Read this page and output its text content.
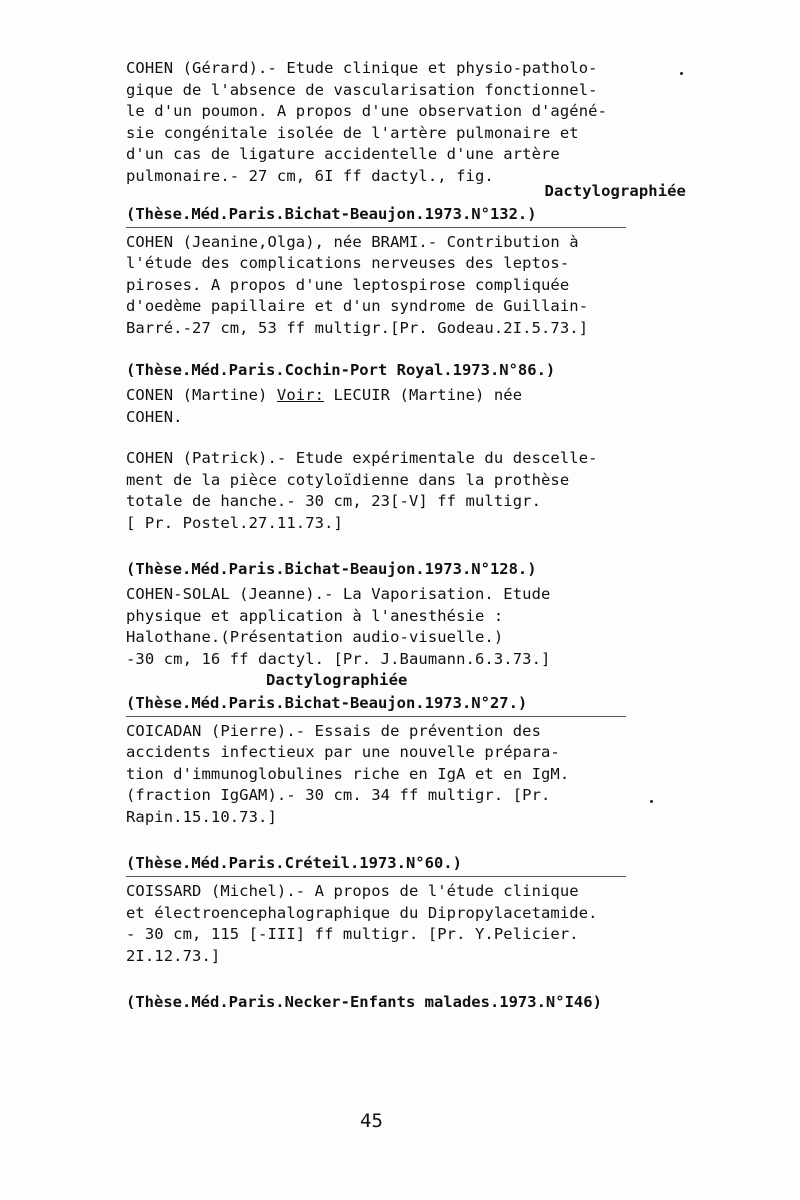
COHEN (Gérard).- Etude clinique et physio-patholo-
gique de l'absence de vascularisation fonctionnel-
le d'un poumon. A propos d'une observation d'agéné-
sie congénitale isolée de l'artère pulmonaire et
d'un cas de ligature accidentelle d'une artère
pulmonaire.- 27 cm, 6I ff dactyl., fig.
Dactylographiée
(Thèse.Méd.Paris.Bichat-Beaujon.1973.N°132.)
COHEN (Jeanine,Olga), née BRAMI.- Contribution à
l'étude des complications nerveuses des leptos-
piroses. A propos d'une leptospirose compliquée
d'oedème papillaire et d'un syndrome de Guillain-
Barré.-27 cm, 53 ff multigr.[Pr. Godeau.2I.5.73.]
(Thèse.Méd.Paris.Cochin-Port Royal.1973.N°86.)
CONEN (Martine) Voir: LECUIR (Martine) née
COHEN.
COHEN (Patrick).- Etude expérimentale du descelle-
ment de la pièce cotyloïdienne dans la prothèse
totale de hanche.- 30 cm, 23[-V] ff multigr.
[ Pr. Postel.27.11.73.]
(Thèse.Méd.Paris.Bichat-Beaujon.1973.N°128.)
COHEN-SOLAL (Jeanne).- La Vaporisation. Etude
physique et application à l'anesthésie :
Halothane.(Présentation audio-visuelle.)
-30 cm, 16 ff dactyl. [Pr. J.Baumann.6.3.73.]
Dactylographiée
(Thèse.Méd.Paris.Bichat-Beaujon.1973.N°27.)
COICADAN (Pierre).- Essais de prévention des
accidents infectieux par une nouvelle prépara-
tion d'immunoglobulines riche en IgA et en IgM.
(fraction IgGAM).- 30 cm. 34 ff multigr. [Pr.
Rapin.15.10.73.]
(Thèse.Méd.Paris.Créteil.1973.N°60.)
COISSARD (Michel).- A propos de l'étude clinique
et électroencephalographique du Dipropylacetamide.
- 30 cm, 115 [-III] ff multigr. [Pr. Y.Pelicier.
2I.12.73.]
(Thèse.Méd.Paris.Necker-Enfants malades.1973.N°I46)
45
